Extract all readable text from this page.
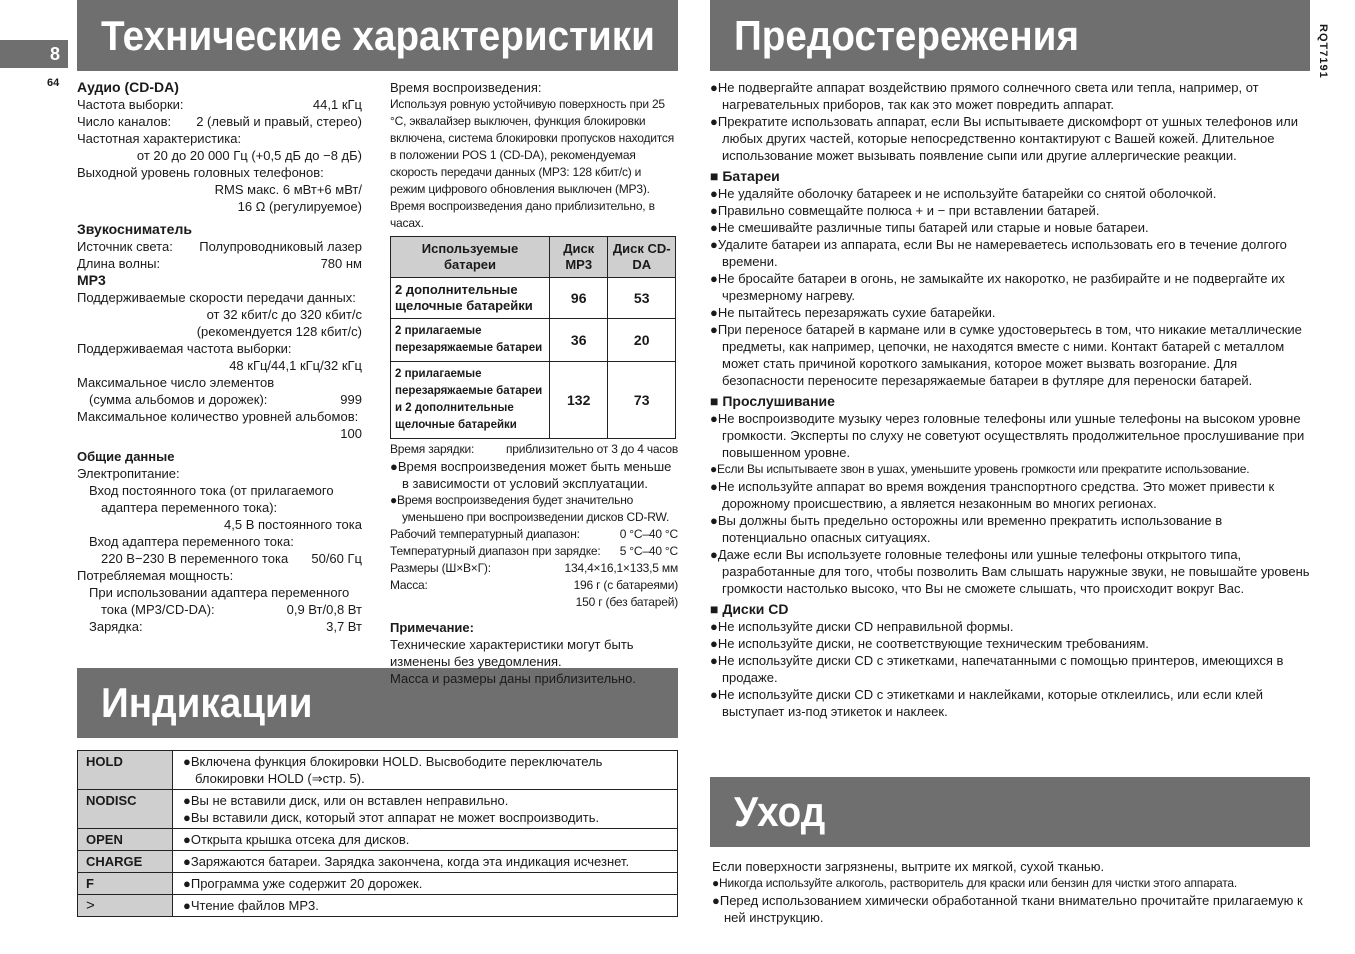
8
64
RQT7191
Технические характеристики Предостережения
Индикации
Уход
Аудио (CD-DA)
Частота выборки:	44,1 кГц
Число каналов: 2 (левый и правый, стерео)
Частотная характеристика:
от 20 до 20 000 Гц (+0,5 дБ до −8 дБ)
Выходной уровень головных телефонов:
RMS макс. 6 мВт+6 мВт/
16 Ω (регулируемое)
Звукосниматель
Источник света: Полупроводниковый лазер
Длина волны:	780 нм
MP3
Поддерживаемые скорости передачи данных:
от 32 кбит/с до 320 кбит/с
(рекомендуется 128 кбит/с)
Поддерживаемая частота выборки:
48 кГц/44,1 кГц/32 кГц
Максимальное число элементов
(сумма альбомов и дорожек):	999
Максимальное количество уровней альбомов:
100
Общие данные
Электропитание:
Вход постоянного тока (от прилагаемого
адаптера переменного тока):
4,5 В постоянного тока
Вход адаптера переменного тока:
220 В−230 В переменного тока 50/60 Гц
Потребляемая мощность:
При использовании адаптера переменного
тока (MP3/CD-DA):	0,9 Вт/0,8 Вт
Зарядка:	3,7 Вт
Время воспроизведения:
Используя ровную устойчивую поверхность при 25 °C, эквалайзер выключен, функция блокировки включена, система блокировки пропусков находится в положении POS 1 (CD-DA), рекомендуемая скорость передачи данных (MP3: 128 кбит/с) и режим цифрового обновления выключен (MP3). Время воспроизведения дано приблизительно, в часах.
Используемые батареи	Диск MP3	Диск CD-DA
2 дополнительные щелочные батарейки	96	53
2 прилагаемые перезаряжаемые батареи	36	20
2 прилагаемые перезаряжаемые батареи и 2 дополнительные щелочные батарейки	132	73
Время зарядки:	приблизительно от 3 до 4 часов
●Время воспроизведения может быть меньше в зависимости от условий эксплуатации.
●Время воспроизведения будет значительно уменьшено при воспроизведении дисков CD-RW.
Рабочий температурный диапазон:	0 °C–40 °C
Температурный диапазон при зарядке: 5 °C–40 °C
Размеры (Ш×В×Г):	134,4×16,1×133,5 мм
Масса:	196 г (с батареями)
150 г (без батарей)
Примечание:
Технические характеристики могут быть изменены без уведомления.
Масса и размеры даны приблизительно.
●Не подвергайте аппарат воздействию прямого солнечного света или тепла, например, от нагревательных приборов, так как это может повредить аппарат.
●Прекратите использовать аппарат, если Вы испытываете дискомфорт от ушных телефонов или любых других частей, которые непосредственно контактируют с Вашей кожей. Длительное использование может вызывать появление сыпи или другие аллергические реакции.
■ Батареи
●Не удаляйте оболочку батареек и не используйте батарейки со снятой оболочкой.
●Правильно совмещайте полюса + и − при вставлении батарей.
●Не смешивайте различные типы батарей или старые и новые батареи.
●Удалите батареи из аппарата, если Вы не намереваетесь использовать его в течение долгого времени.
●Не бросайте батареи в огонь, не замыкайте их накоротко, не разбирайте и не подвергайте их чрезмерному нагреву.
●Не пытайтесь перезаряжать сухие батарейки.
●При переносе батарей в кармане или в сумке удостоверьтесь в том, что никакие металлические предметы, как например, цепочки, не находятся вместе с ними. Контакт батарей с металлом может стать причиной короткого замыкания, которое может вызвать возгорание. Для безопасности переносите перезаряжаемые батареи в футляре для переноски батарей.
■ Прослушивание
●Не воспроизводите музыку через головные телефоны или ушные телефоны на высоком уровне громкости. Эксперты по слуху не советуют осуществлять продолжительное прослушивание при повышенном уровне.
●Если Вы испытываете звон в ушах, уменьшите уровень громкости или прекратите использование.
●Не используйте аппарат во время вождения транспортного средства. Это может привести к дорожному происшествию, а является незаконным во многих регионах.
●Вы должны быть предельно осторожны или временно прекратить использование в потенциально опасных ситуациях.
●Даже если Вы используете головные телефоны или ушные телефоны открытого типа, разработанные для того, чтобы позволить Вам слышать наружные звуки, не повышайте уровень громкости настолько высоко, что Вы не сможете слышать, что происходит вокруг Вас.
■ Диски CD
●Не используйте диски CD неправильной формы.
●Не используйте диски, не соответствующие техническим требованиям.
●Не используйте диски CD с этикетками, напечатанными с помощью принтеров, имеющихся в продаже.
●Не используйте диски CD с этикетками и наклейками, которые отклеились, или если клей выступает из-под этикеток и наклеек.
HOLD	●Включена функция блокировки HOLD. Высвободите переключатель
блокировки HOLD (⇒стр. 5).

NODISC	●Вы не вставили диск, или он вставлен неправильно.
●Вы вставили диск, который этот аппарат не может воспроизводить.

OPEN	●Открыта крышка отсека для дисков.

CHARGE	●Заряжаются батареи. Зарядка закончена, когда эта индикация исчезнет.

F	●Программа уже содержит 20 дорожек.

>	●Чтение файлов MP3.
Если поверхности загрязнены, вытрите их мягкой, сухой тканью.
●Никогда используйте алкоголь, растворитель для краски или бензин для чистки этого аппарата.
●Перед использованием химически обработанной ткани внимательно прочитайте прилагаемую к ней инструкцию.
